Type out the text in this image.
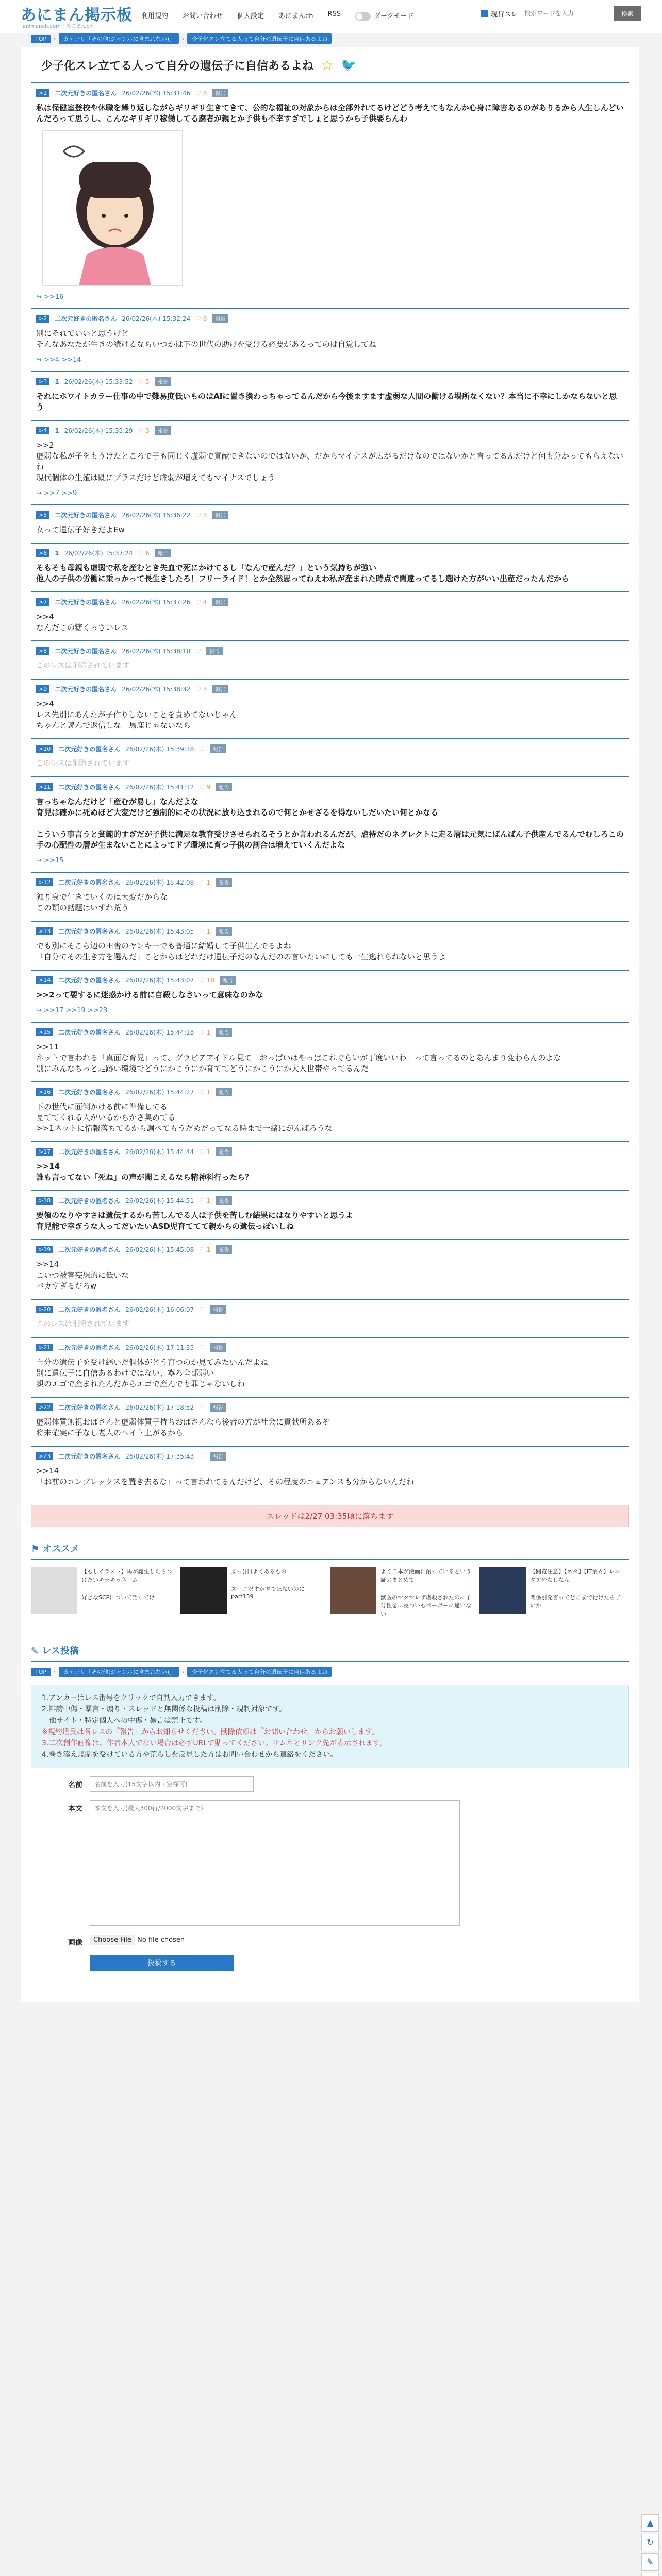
あにまん掲示板
animanch.com | あにまんch
利用規約	お問い合わせ	個人設定	あにまんch	RSS	ダークモード	現行スレ
検索ワードを入力	検索
TOP	›	カテゴリ「その他(ジャンルに含まれない)」	›	少子化スレ立てる人って自分の遺伝子に自信あるよね
少子化スレ立てる人って自分の遺伝子に自信あるよね ☆ 🐦
>1	二次元好きの匿名さん 26/02/26(木) 15:31:46 ♡ 8	報告
私は保健室登校や休職を繰り返しながらギリギリ生きてきて、公的な福祉の対象からは全部外れてるけどどう考えてもなんか心身に障害あるのがありるから人生しんどいんだろって思うし、こんなギリギリ稼働してる腐者が親とか子供も不幸すぎでしょと思うから子供要らんわ
↪ >>16
>2	二次元好きの匿名さん 26/02/26(木) 15:32:24 ♡ 6	報告
別にそれでいいと思うけど
そんなあなたが生きの続けるならいつかは下の世代の助けを受ける必要があるってのは自覚してね
↪ >>4 >>14
>3	1 26/02/26(木) 15:33:52 ♡ 5	報告
それにホワイトカラー仕事の中で難易度低いものはAIに置き換わっちゃってるんだから今後ますます虚弱な人間の働ける場所なくない？本当に不幸にしかならないと思う
>4	1 26/02/26(木) 15:35:29 ♡ 3	報告
>>2
虚弱な私が子をもうけたところで子も同じく虚弱で貢献できないのではないか、だからマイナスが広がるだけなのではないかと言ってるんだけど何も分かってもらえないね
現代個体の生殖は既にプラスだけど虚弱が増えてもマイナスでしょう
↪ >>7 >>9
>5	二次元好きの匿名さん 26/02/26(木) 15:36:22 ♡ 3	報告
女って遺伝子好きだよEw
>6	1 26/02/26(木) 15:37:24 ♡ 6	報告
そもそも母親も虚弱で私を産むとき失血で死にかけてるし「なんで産んだ？」という気持ちが強い
他人の子供の労働に乗っかって長生きしたろ！フリーライド！とか全然思ってねえわ私が産まれた時点で間違ってるし遡けた方がいい出産だったんだから
>7	二次元好きの匿名さん 26/02/26(木) 15:37:26 ♡ 4	報告
>>4
なんだこの糖くっさいレス
>8	二次元好きの匿名さん 26/02/26(木) 15:38:10 ♡	報告
このレスは削除されています
>9	二次元好きの匿名さん 26/02/26(木) 15:38:32 ♡ 3	報告
>>4
レス先別にあんたが子作りしないことを責めてないじゃん
ちゃんと読んで返信しな　馬鹿じゃないなら
>10	二次元好きの匿名さん 26/02/26(木) 15:39:18 ♡	報告
このレスは削除されています
>11	二次元好きの匿名さん 26/02/26(木) 15:41:12 ♡ 9	報告
言っちゃなんだけど「産むが易し」なんだよな
育児は確かに死ぬほど大変だけど強制的にその状況に放り込まれるので何とかせざるを得ないしだいたい何とかなる

こういう事言うと貧範的すぎだが子供に満足な教育受けさせられるそうとか言われるんだが、虐待だのネグレクトに走る層は元気にばんばん子供産んでるんでむしろこの手の心配性の層が生まないことによってドブ環境に育つ子供の割合は増えていくんだよな
↪ >>15
>12	二次元好きの匿名さん 26/02/26(木) 15:42:08 ♡ 1	報告
独り身で生きていくのは大変だからな
この類の話題はいずれ荒う
>13	二次元好きの匿名さん 26/02/26(木) 15:43:05 ♡ 1	報告
でも別にそこら辺の田舎のヤンキーでも普通に結婚して子供生んでるよね
「自分てその生き方を選んだ」ことからはどれだけ遺伝子だのなんだのの言いたいにしても一生逃れられないと思うよ
>14	二次元好きの匿名さん 26/02/26(木) 15:43:07 ♡ 10	報告
>>2って要するに迷惑かける前に自殺しなさいって意味なのかな
↪ >>17 >>19 >>23
>15	二次元好きの匿名さん 26/02/26(木) 15:44:18 ♡ 1	報告
>>11
ネットで言われる「真面な育児」って、グラビアアイドル見て「おっぱいはやっぱこれぐらいが丁度いいわ」って言ってるのとあんまり変わらんのよな
別にみんなちっと足跡い環境でどうにかこうにか育ててどうにかこうにか大人世帯やってるんだ
>16	二次元好きの匿名さん 26/02/26(木) 15:44:27 ♡ 1	報告
下の世代に面倒かける前に準備してる
見ててくれる人がいるからかさ集めてる
>>1ネットに情報落ちてるから調べてもうだめだってなる時まで一緒にがんばろうな
>17	二次元好きの匿名さん 26/02/26(木) 15:44:44 ♡ 1	報告
>>14
誰も言ってない「死ね」の声が聞こえるなら精神科行ったら？
>18	二次元好きの匿名さん 26/02/26(木) 15:44:51 ♡ 1	報告
要領のなりやすさは遺伝するから苦しんでる人は子供を苦しむ結果にはなりやすいと思うよ
育児能で幸ぎうな人ってだいたいASD児育ててて親からの遺伝っぽいしね
>19	二次元好きの匿名さん 26/02/26(木) 15:45:08 ♡ 1	報告
>>14
こいつ被害妄想的に低いな
バカすぎるだろw
>20	二次元好きの匿名さん 26/02/26(木) 16:06:07 ♡	報告
このレスは削除されています
>21	二次元好きの匿名さん 26/02/26(木) 17:11:35 ♡	報告
自分の遺伝子を受け継いだ個体がどう育つのか見てみたいんだよね
別に遺伝子に自信あるわけではない、寧ろ全部弱い
親のエゴで産まれたんだからエゴで産んでも罪じゃないしね
>22	二次元好きの匿名さん 26/02/26(木) 17:18:52 ♡	報告
虚弱体質無視おばさんと虚弱体質子持ちおばさんなら後者の方が社会に貢献所あるぞ
将来確実に子なし老人のヘイト上がるから
>23	二次元好きの匿名さん 26/02/26(木) 17:35:43 ♡	報告
>>14
「お前のコンプレックスを置き去るな」って言われてるんだけど、その程度のニュアンスも分からないんだね
スレッドは2/27 03:35頃に落ちます
⚑ オススメ
【もしイラスト】馬が誕生したらつけたいキラキラネーム
好きなSCPについて語ってけ
ぶっ(汗)よくあるもの
スーコだすかすでほないのにpart139
よく日本が漫画に耐っているという証のまとめて
獣医のマタマレザ虐殺されたのに子分性を…長ついもペーボーに違いない
【閲覧注意】【ネタ】【IT業界】レンダアやなしなん
関係引発言ってどこまで行けたら了いか
✎ レス投稿
TOP	›	カテゴリ「その他(ジャンルに含まれない)」	›	少子化スレ立てる人って自分の遺伝子に自信あるよね
1.アンカーはレス番号をクリックで自動入力できます。
2.誹謗中傷・暴言・煽り・スレッドと無関係な投稿は削除・規制対象です。
　他サイト・特定個人への中傷・暴言は禁止です。
※規約違反は各レスの『報告』からお知らせください。削除依頼は『お問い合わせ』からお願いします。
3.二次創作画像は、作者本人でない場合は必ずURLで貼ってください。サムネとリンク先が表示されます。
4.巻き添え規制を受けている方や荒らしを反見した方はお問い合わせから連絡をください。
名前
名前を入力(15文字以内・空欄可)
本文
本文を入力(最大300行/2000文字まで)
画像	Choose File No file chosen
投稿する
▲
↻
✎
